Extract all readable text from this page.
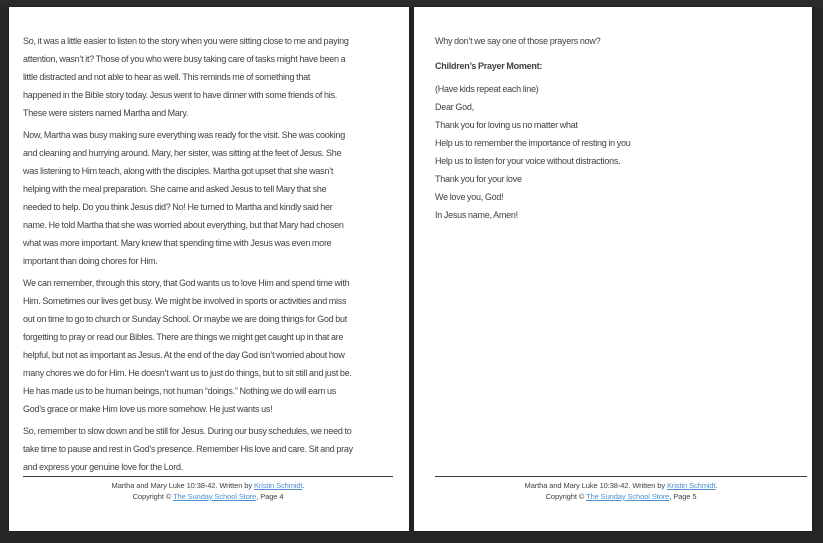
So, it was a little easier to listen to the story when you were sitting close to me and paying
attention, wasn’t it? Those of you who were busy taking care of tasks might have been a
little distracted and not able to hear as well. This reminds me of something that
happened in the Bible story today. Jesus went to have dinner with some friends of his.
These were sisters named Martha and Mary.
Now, Martha was busy making sure everything was ready for the visit. She was cooking
and cleaning and hurrying around. Mary, her sister, was sitting at the feet of Jesus. She
was listening to Him teach, along with the disciples. Martha got upset that she wasn’t
helping with the meal preparation. She came and asked Jesus to tell Mary that she
needed to help. Do you think Jesus did? No! He turned to Martha and kindly said her
name. He told Martha that she was worried about everything, but that Mary had chosen
what was more important. Mary knew that spending time with Jesus was even more
important than doing chores for Him.
We can remember, through this story, that God wants us to love Him and spend time with
Him. Sometimes our lives get busy. We might be involved in sports or activities and miss
out on time to go to church or Sunday School. Or maybe we are doing things for God but
forgetting to pray or read our Bibles. There are things we might get caught up in that are
helpful, but not as important as Jesus. At the end of the day God isn’t worried about how
many chores we do for Him. He doesn’t want us to just do things, but to sit still and just be.
He has made us to be human beings, not human “doings.” Nothing we do will earn us
God’s grace or make Him love us more somehow. He just wants us!
So, remember to slow down and be still for Jesus. During our busy schedules, we need to
take time to pause and rest in God’s presence. Remember His love and care. Sit and pray
and express your genuine love for the Lord.
Martha and Mary Luke 10:38-42. Written by Kristin Schmidt.
Copyright © The Sunday School Store, Page 4
Why don’t we say one of those prayers now?
Children’s Prayer Moment:
(Have kids repeat each line)
Dear God,
Thank you for loving us no matter what
Help us to remember the importance of resting in you
Help us to listen for your voice without distractions.
Thank you for your love
We love you, God!
In Jesus name, Amen!
Martha and Mary Luke 10:38-42. Written by Kristin Schmidt.
Copyright © The Sunday School Store, Page 5
